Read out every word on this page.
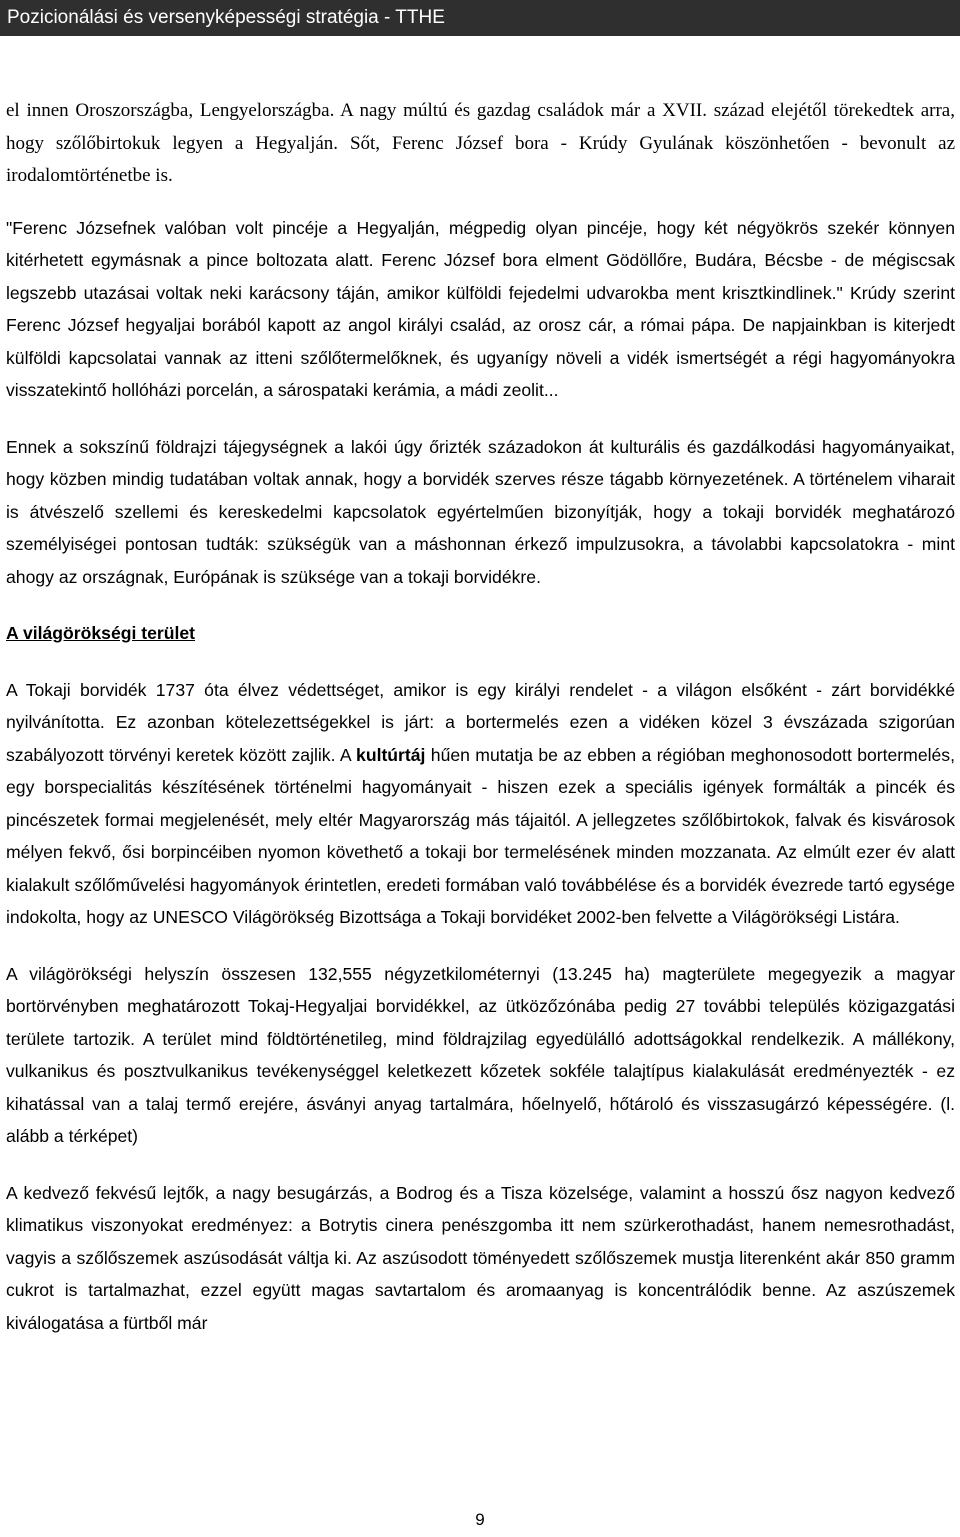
Pozicionálási és versenyképességi stratégia - TTHE

el innen Oroszországba, Lengyelországba. A nagy múltú és gazdag családok már a XVII. század elejétől törekedtek arra, hogy szőlőbirtokuk legyen a Hegyalján. Sőt, Ferenc József bora - Krúdy Gyulának köszönhetően - bevonult az irodalomtörténetbe is.

"Ferenc Józsefnek valóban volt pincéje a Hegyalján, mégpedig olyan pincéje, hogy két négyökrös szekér könnyen kitérhetett egymásnak a pince boltozata alatt. Ferenc József bora elment Gödöllőre, Budára, Bécsbe - de mégiscsak legszebb utazásai voltak neki karácsony táján, amikor külföldi fejedelmi udvarokba ment krisztkindlinek." Krúdy szerint Ferenc József hegyaljai borából kapott az angol királyi család, az orosz cár, a római pápa. De napjainkban is kiterjedt külföldi kapcsolatai vannak az itteni szőlőtermelőknek, és ugyanígy növeli a vidék ismertségét a régi hagyományokra visszatekintő hollóházi porcelán, a sárospataki kerámia, a mádi zeolit...

Ennek a sokszínű földrajzi tájegységnek a lakói úgy őrizték századokon át kulturális és gazdálkodási hagyományaikat, hogy közben mindig tudatában voltak annak, hogy a borvidék szerves része tágabb környezetének. A történelem viharait is átvészelő szellemi és kereskedelmi kapcsolatok egyértelműen bizonyítják, hogy a tokaji borvidék meghatározó személyiségei pontosan tudták: szükségük van a máshonnan érkező impulzusokra, a távolabbi kapcsolatokra - mint ahogy az országnak, Európának is szüksége van a tokaji borvidékre.

A világörökségi terület

A Tokaji borvidék 1737 óta élvez védettséget, amikor is egy királyi rendelet - a világon elsőként - zárt borvidékké nyilvánította. Ez azonban kötelezettségekkel is járt: a bortermelés ezen a vidéken közel 3 évszázada szigorúan szabályozott törvényi keretek között zajlik. A kultúrtáj hűen mutatja be az ebben a régióban meghonosodott bortermelés, egy borspecialitás készítésének történelmi hagyományait - hiszen ezek a speciális igények formálták a pincék és pincészetek formai megjelenését, mely eltér Magyarország más tájaitól. A jellegzetes szőlőbirtokok, falvak és kisvárosok mélyen fekvő, ősi borpincéiben nyomon követhető a tokaji bor termelésének minden mozzanata. Az elmúlt ezer év alatt kialakult szőlőművelési hagyományok érintetlen, eredeti formában való továbbélése és a borvidék évezrede tartó egysége indokolta, hogy az UNESCO Világörökség Bizottsága a Tokaji borvidéket 2002-ben felvette a Világörökségi Listára.

A világörökségi helyszín összesen 132,555 négyzetkilométernyi (13.245 ha) magterülete megegyezik a magyar bortörvényben meghatározott Tokaj-Hegyaljai borvidékkel, az ütközőzónába pedig 27 további település közigazgatási területe tartozik. A terület mind földtörténetileg, mind földrajzilag egyedülálló adottságokkal rendelkezik. A mállékony, vulkanikus és posztvulkanikus tevékenységgel keletkezett kőzetek sokféle talajtípus kialakulását eredményezték - ez kihatással van a talaj termő erejére, ásványi anyag tartalmára, hőelnyelő, hőtároló és visszasugárzó képességére. (l. alább a térképet)

A kedvező fekvésű lejtők, a nagy besugárzás, a Bodrog és a Tisza közelsége, valamint a hosszú ősz nagyon kedvező klimatikus viszonyokat eredményez: a Botrytis cinera penészgomba itt nem szürkerothadást, hanem nemesrothadást, vagyis a szőlőszemek aszúsodását váltja ki. Az aszúsodott töményedett szőlőszemek mustja literenként akár 850 gramm cukrot is tartalmazhat, ezzel együtt magas savtartalom és aromaanyag is koncentrálódik benne. Az aszúszemek kiválogatása a fürtből már

9
